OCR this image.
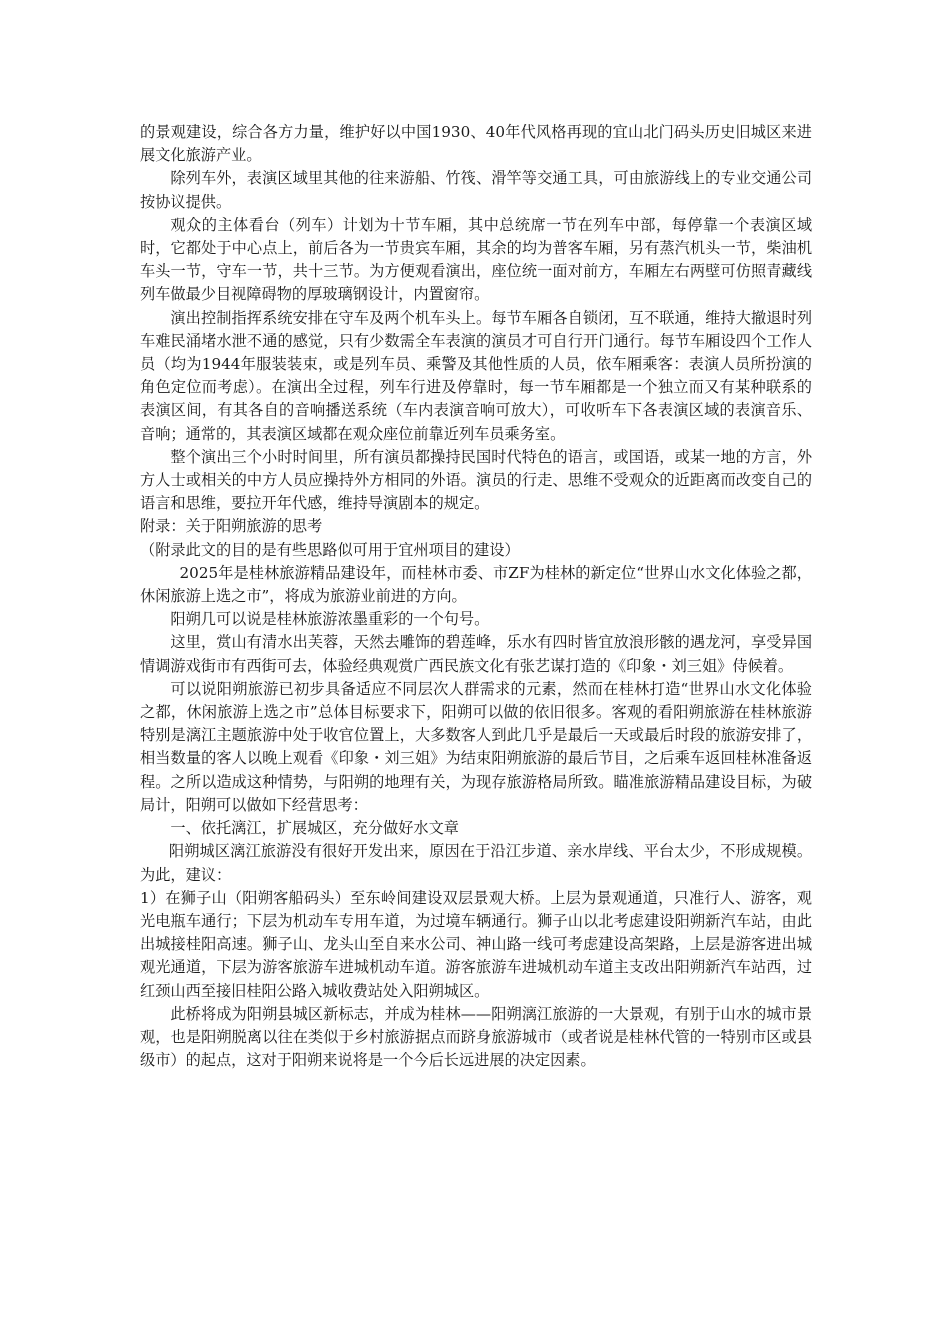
的景观建设，综合各方力量，维护好以中国1930、40年代风格再现的宜山北门码头历史旧城区来进展文化旅游产业。

除列车外，表演区域里其他的往来游船、竹筏、滑竿等交通工具，可由旅游线上的专业交通公司按协议提供。

观众的主体看台（列车）计划为十节车厢，其中总统席一节在列车中部，每停靠一个表演区域时，它都处于中心点上，前后各为一节贵宾车厢，其余的均为普客车厢，另有蒸汽机头一节，柴油机车头一节，守车一节，共十三节。为方便观看演出，座位统一面对前方，车厢左右两壁可仿照青藏线列车做最少目视障碍物的厚玻璃钢设计，内置窗帘。

演出控制指挥系统安排在守车及两个机车头上。每节车厢各自锁闭，互不联通，维持大撤退时列车难民涌堵水泄不通的感觉，只有少数需全车表演的演员才可自行开门通行。每节车厢设四个工作人员（均为1944年服装装束，或是列车员、乘警及其他性质的人员，依车厢乘客：表演人员所扮演的角色定位而考虑）。在演出全过程，列车行进及停靠时，每一节车厢都是一个独立而又有某种联系的表演区间，有其各自的音响播送系统（车内表演音响可放大），可收听车下各表演区域的表演音乐、音响；通常的，其表演区域都在观众座位前靠近列车员乘务室。

整个演出三个小时时间里，所有演员都操持民国时代特色的语言，或国语，或某一地的方言，外方人士或相关的中方人员应操持外方相同的外语。演员的行走、思维不受观众的近距离而改变自己的语言和思维，要拉开年代感，维持导演剧本的规定。

附录：关于阳朔旅游的思考

（附录此文的目的是有些思路似可用于宜州项目的建设）

2025年是桂林旅游精品建设年，而桂林市委、市ZF为桂林的新定位“世界山水文化体验之都，休闲旅游上选之市”，将成为旅游业前进的方向。

阳朔几可以说是桂林旅游浓墨重彩的一个句号。

这里，赏山有清水出芙蓉，天然去雕饰的碧莲峰，乐水有四时皆宜放浪形骸的遇龙河，享受异国情调游戏街市有西街可去，体验经典观赏广西民族文化有张艺谋打造的《印象・刘三姐》侍候着。

可以说阳朔旅游已初步具备适应不同层次人群需求的元素，然而在桂林打造“世界山水文化体验之都，休闲旅游上选之市”总体目标要求下，阳朔可以做的依旧很多。客观的看阳朔旅游在桂林旅游特别是漓江主题旅游中处于收官位置上，大多数客人到此几乎是最后一天或最后时段的旅游安排了，相当数量的客人以晚上观看《印象・刘三姐》为结束阳朔旅游的最后节目，之后乘车返回桂林准备返程。之所以造成这种情势，与阳朔的地理有关，为现存旅游格局所致。瞄准旅游精品建设目标，为破局计，阳朔可以做如下经营思考：

一、依托漓江，扩展城区，充分做好水文章

阳朔城区漓江旅游没有很好开发出来，原因在于沿江步道、亲水岸线、平台太少，不形成规模。为此，建议：

1）在狮子山（阳朔客船码头）至东岭间建设双层景观大桥。上层为景观通道，只准行人、游客，观光电瓶车通行；下层为机动车专用车道，为过境车辆通行。狮子山以北考虑建设阳朔新汽车站，由此出城接桂阳高速。狮子山、龙头山至自来水公司、神山路一线可考虑建设高架路，上层是游客进出城观光通道，下层为游客旅游车进城机动车道。游客旅游车进城机动车道主支改出阳朔新汽车站西，过红颈山西至接旧桂阳公路入城收费站处入阳朔城区。

此桥将成为阳朔县城区新标志，并成为桂林——阳朔漓江旅游的一大景观，有别于山水的城市景观，也是阳朔脱离以往在类似于乡村旅游据点而跻身旅游城市（或者说是桂林代管的一特别市区或县级市）的起点，这对于阳朔来说将是一个今后长远进展的决定因素。
